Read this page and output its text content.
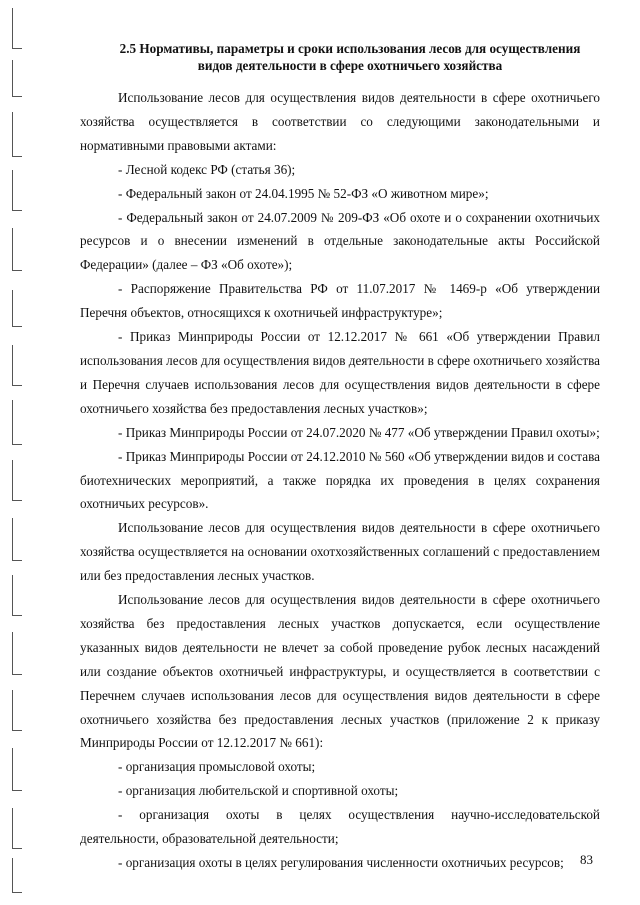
2.5 Нормативы, параметры и сроки использования лесов для осуществления
видов деятельности в сфере охотничьего хозяйства

Использование лесов для осуществления видов деятельности в сфере охотничьего хозяйства осуществляется в соответствии со следующими законодательными и нормативными правовыми актами:

- Лесной кодекс РФ (статья 36);

- Федеральный закон от 24.04.1995 № 52-ФЗ «О животном мире»;

- Федеральный закон от 24.07.2009 № 209-ФЗ «Об охоте и о сохранении охотничьих ресурсов и о внесении изменений в отдельные законодательные акты Российской Федерации» (далее – ФЗ «Об охоте»);

- Распоряжение Правительства РФ от 11.07.2017 № 1469-р «Об утверждении Перечня объектов, относящихся к охотничьей инфраструктуре»;

- Приказ Минприроды России от 12.12.2017 № 661 «Об утверждении Правил использования лесов для осуществления видов деятельности в сфере охотничьего хозяйства и Перечня случаев использования лесов для осуществления видов деятельности в сфере охотничьего хозяйства без предоставления лесных участков»;

- Приказ Минприроды России от 24.07.2020 № 477 «Об утверждении Правил охоты»;

- Приказ Минприроды России от 24.12.2010 № 560 «Об утверждении видов и состава биотехнических мероприятий, а также порядка их проведения в целях сохранения охотничьих ресурсов».

Использование лесов для осуществления видов деятельности в сфере охотничьего хозяйства осуществляется на основании охотхозяйственных соглашений с предоставлением или без предоставления лесных участков.

Использование лесов для осуществления видов деятельности в сфере охотничьего хозяйства без предоставления лесных участков допускается, если осуществление указанных видов деятельности не влечет за собой проведение рубок лесных насаждений или создание объектов охотничьей инфраструктуры, и осуществляется в соответствии с Перечнем случаев использования лесов для осуществления видов деятельности в сфере охотничьего хозяйства без предоставления лесных участков (приложение 2 к приказу Минприроды России от 12.12.2017 № 661):

- организация промысловой охоты;

- организация любительской и спортивной охоты;

- организация охоты в целях осуществления научно-исследовательской деятельности, образовательной деятельности;

- организация охоты в целях регулирования численности охотничьих ресурсов;	83
